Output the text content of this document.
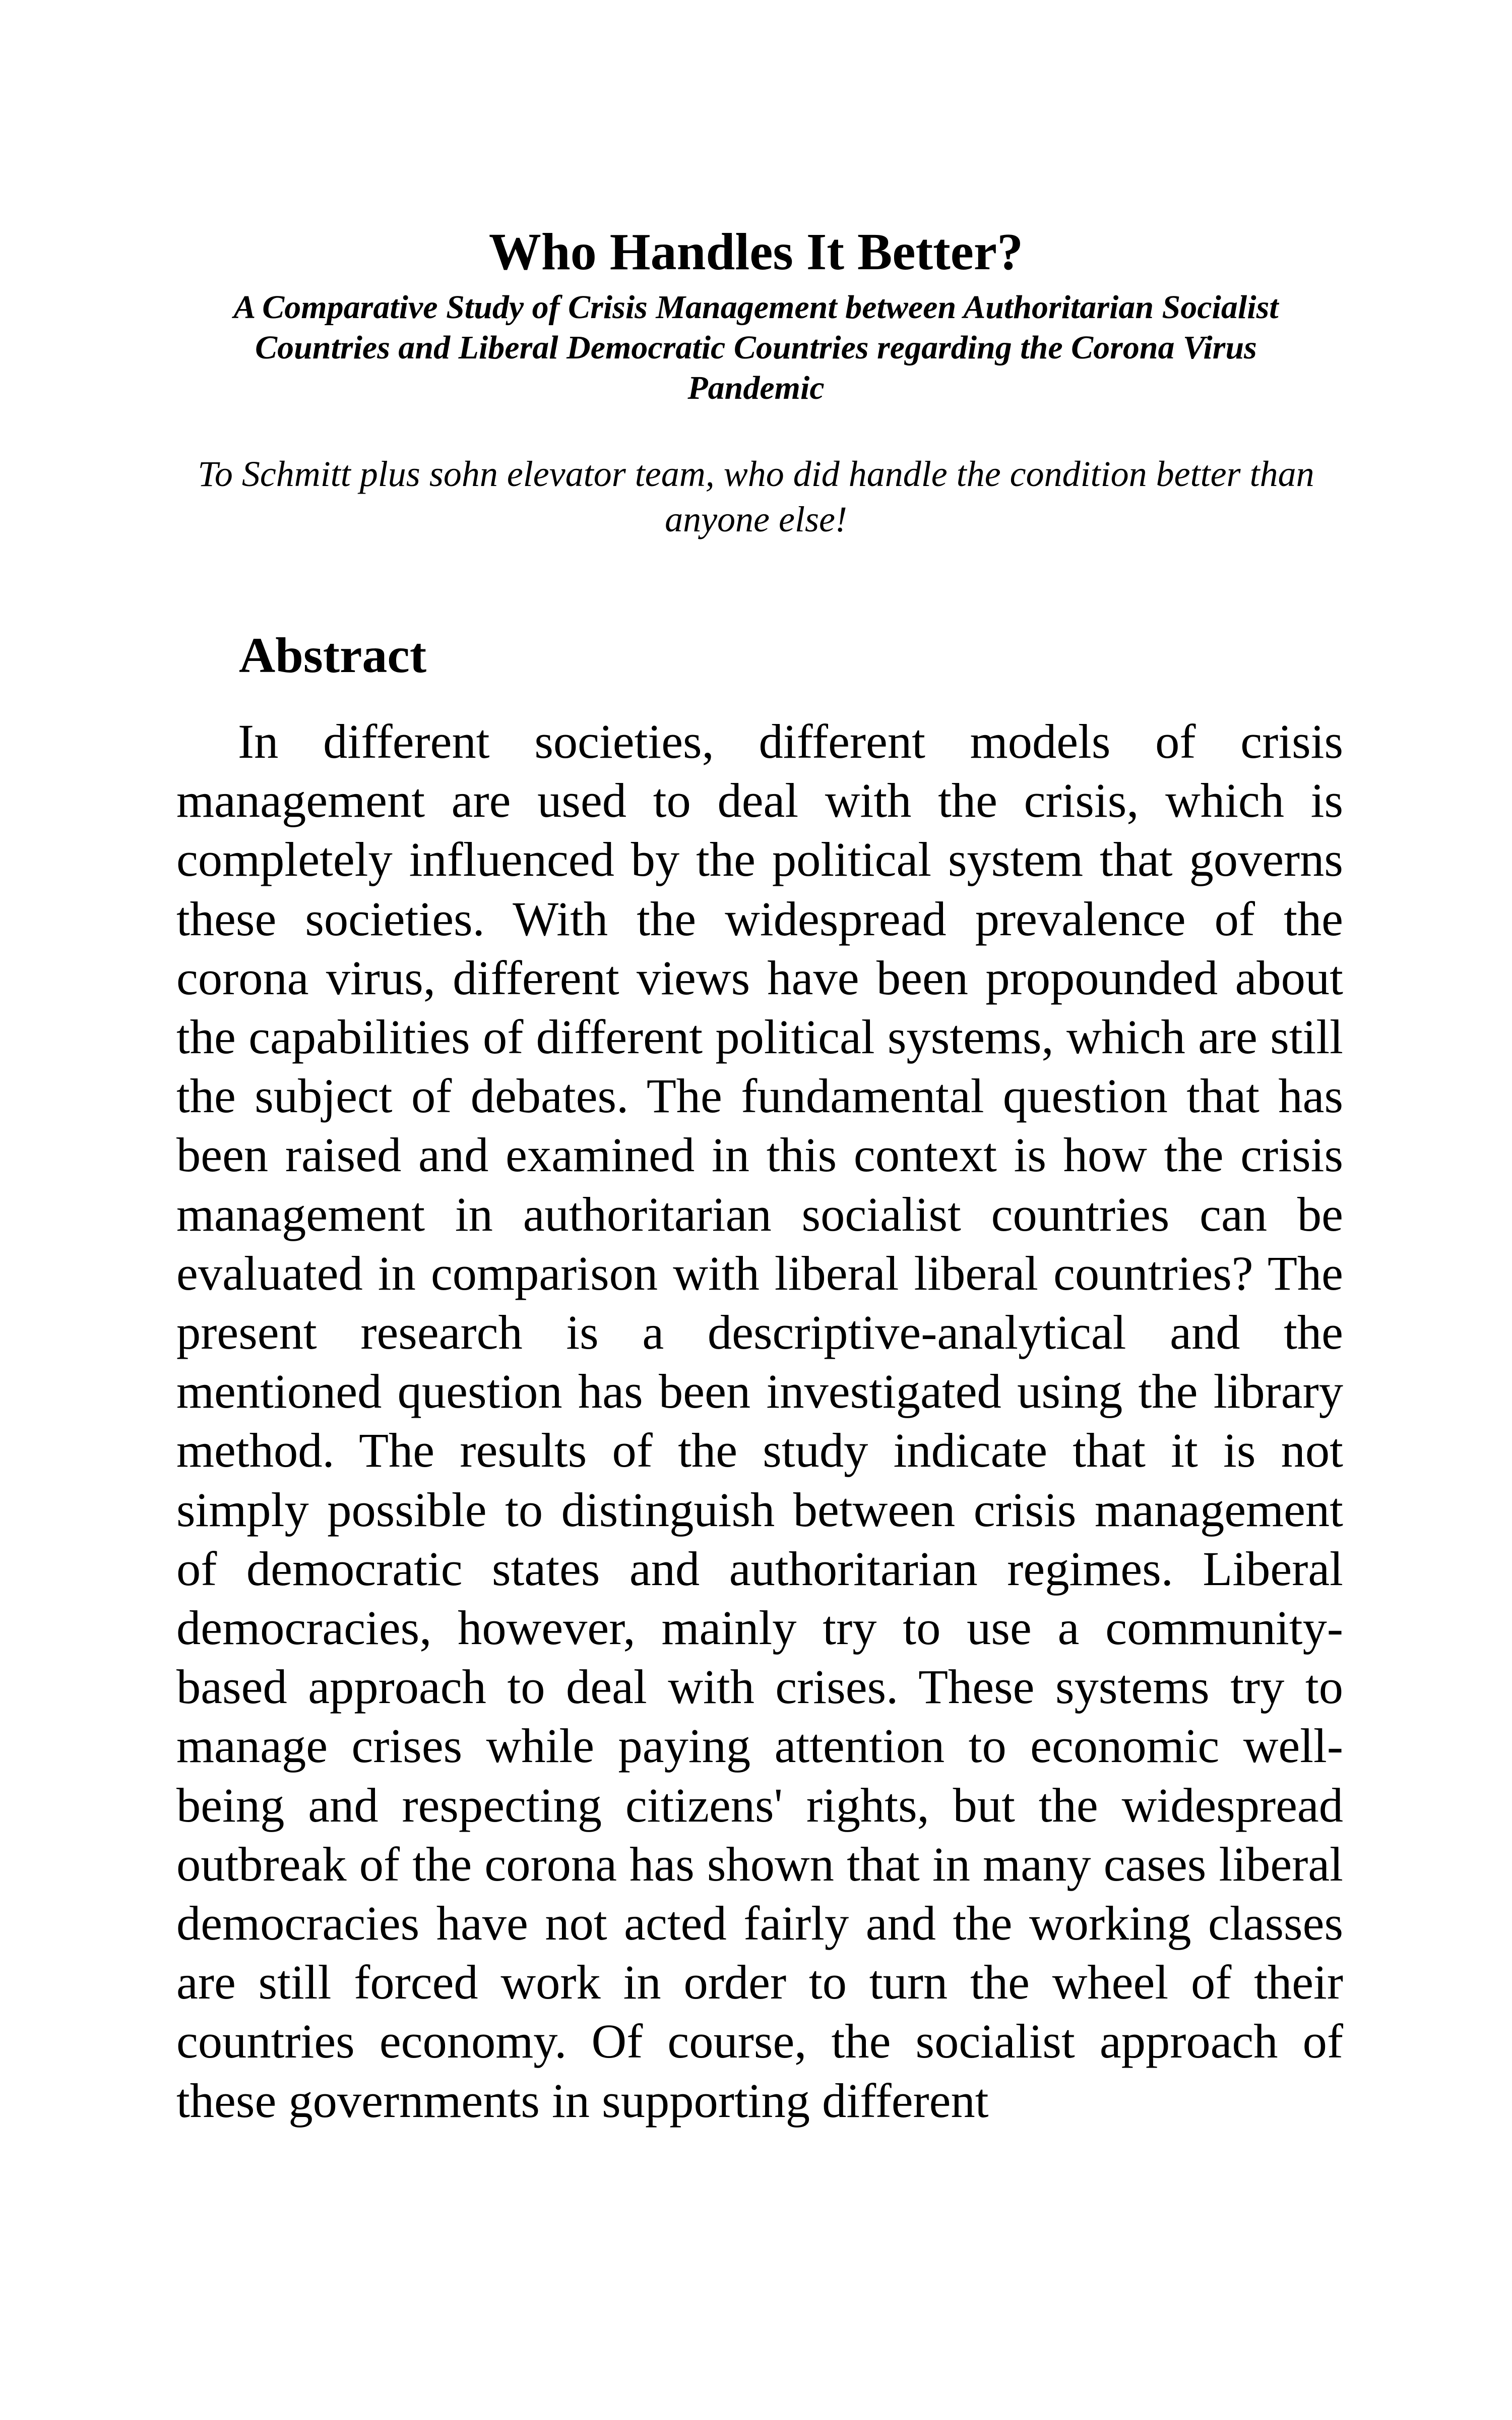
Who Handles It Better?

A Comparative Study of Crisis Management between Authoritarian Socialist Countries and Liberal Democratic Countries regarding the Corona Virus Pandemic

To Schmitt plus sohn elevator team, who did handle the condition better than anyone else!

Abstract

In different societies, different models of crisis management are used to deal with the crisis, which is completely influenced by the political system that governs these societies. With the widespread prevalence of the corona virus, different views have been propounded about the capabilities of different political systems, which are still the subject of debates. The fundamental question that has been raised and examined in this context is how the crisis management in authoritarian socialist countries can be evaluated in comparison with liberal liberal countries? The present research is a descriptive-analytical and the mentioned question has been investigated using the library method. The results of the study indicate that it is not simply possible to distinguish between crisis management of democratic states and authoritarian regimes. Liberal democracies, however, mainly try to use a community-based approach to deal with crises. These systems try to manage crises while paying attention to economic well-being and respecting citizens' rights, but the widespread outbreak of the corona has shown that in many cases liberal democracies have not acted fairly and the working classes are still forced work in order to turn the wheel of their countries economy. Of course, the socialist approach of these governments in supporting different
